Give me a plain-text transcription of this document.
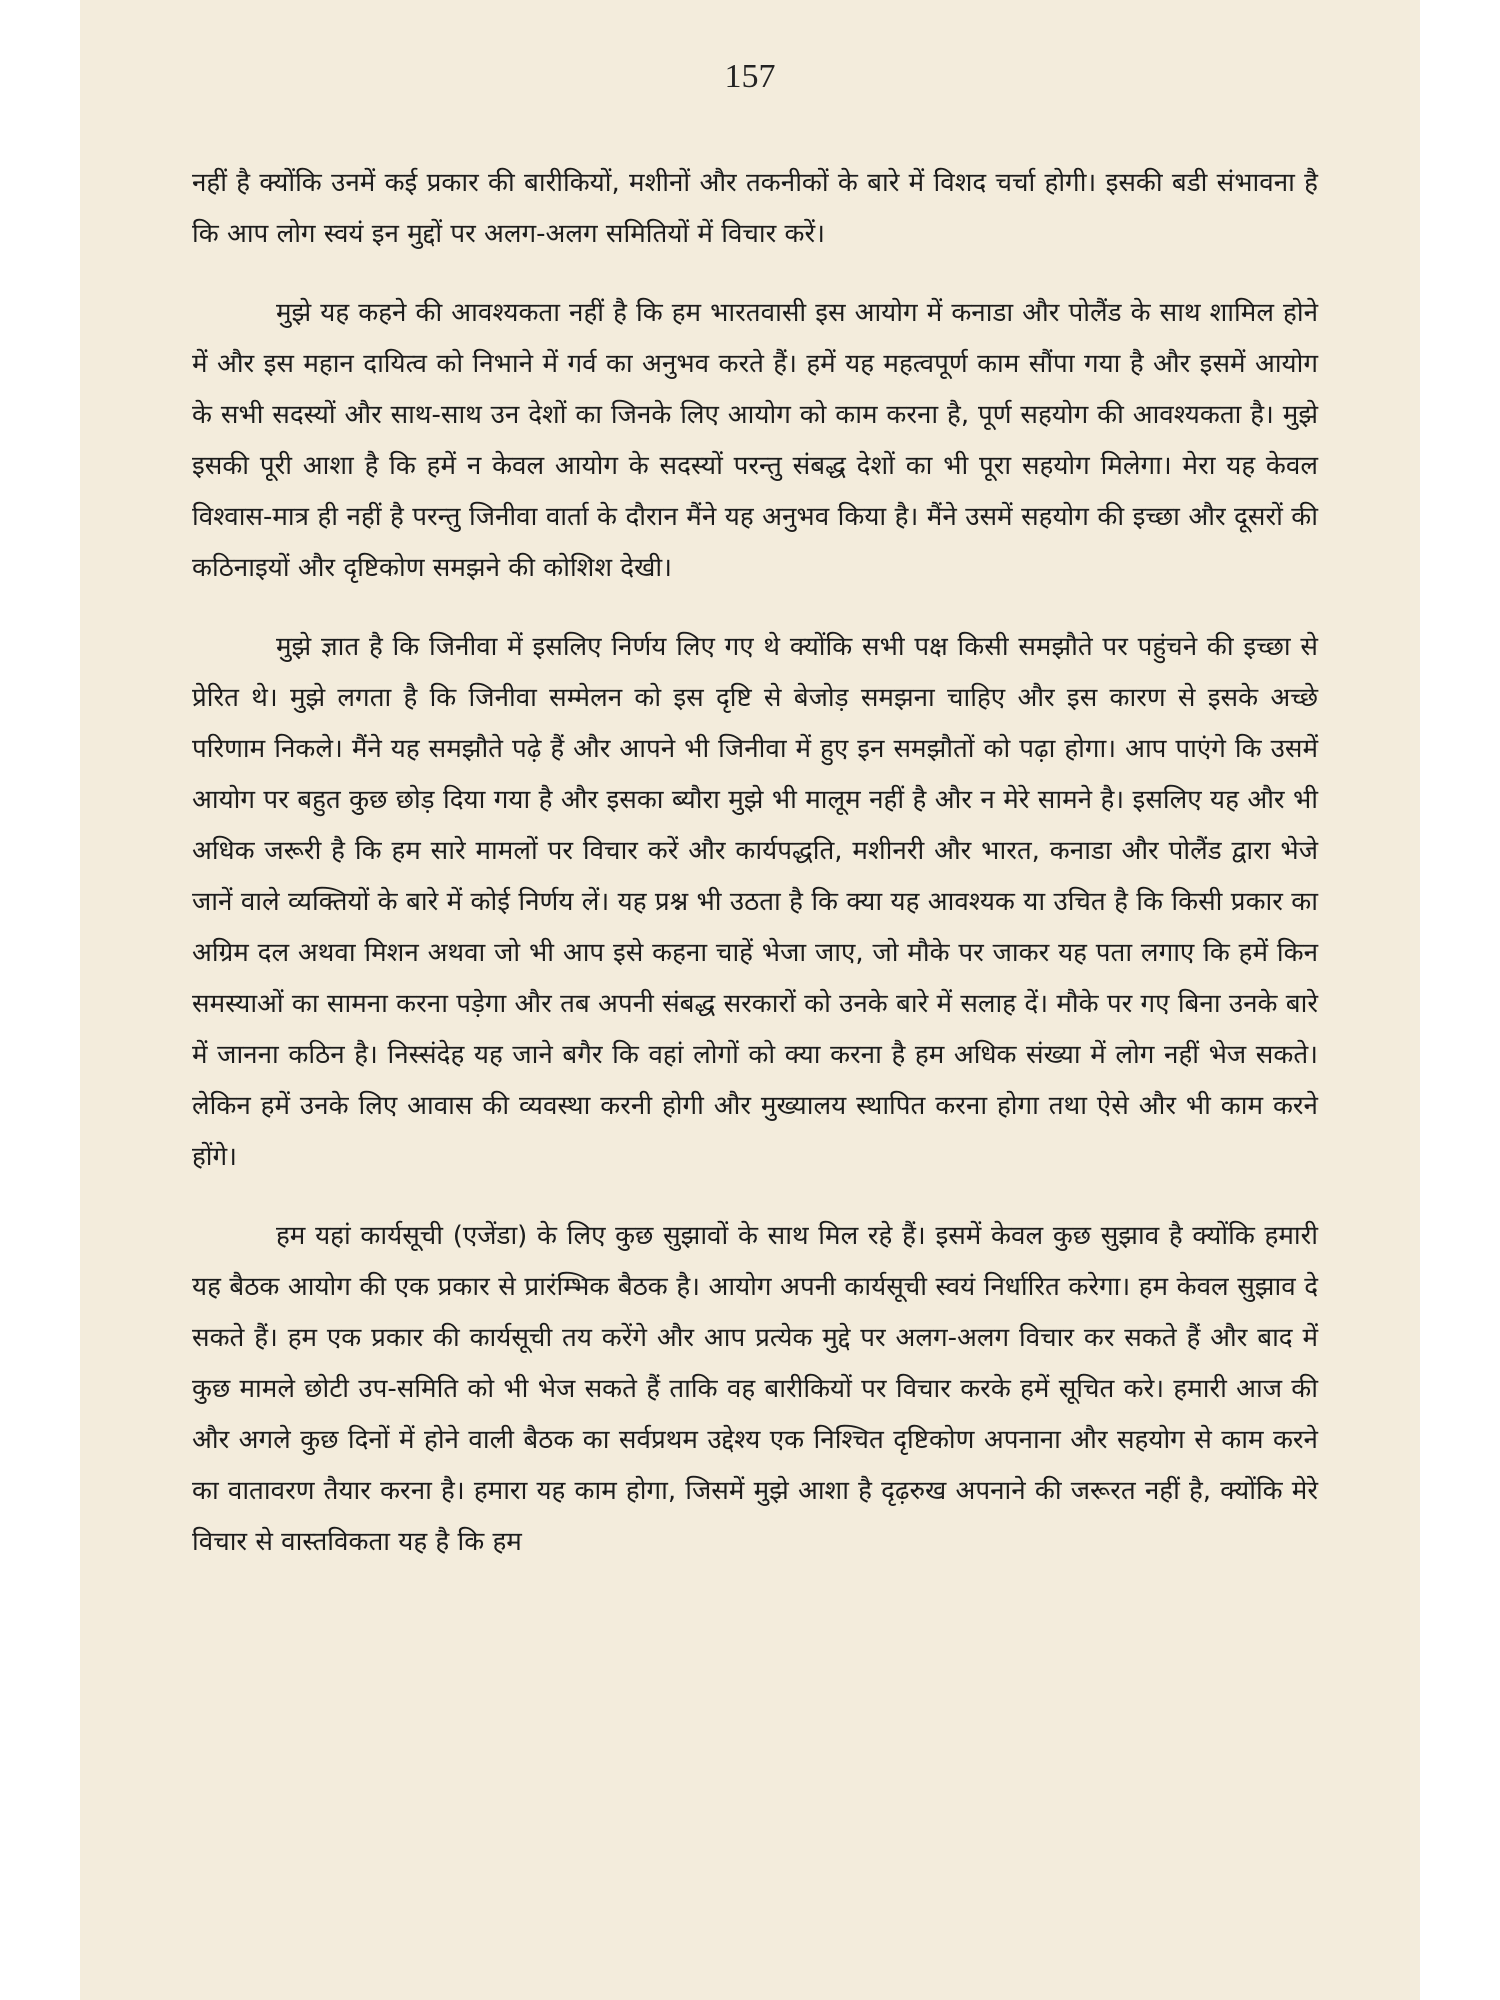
157

नहीं है क्योंकि उनमें कई प्रकार की बारीकियों, मशीनों और तकनीकों के बारे में विशद चर्चा होगी। इसकी बडी संभावना है कि आप लोग स्वयं इन मुद्दों पर अलग-अलग समितियों में विचार करें।

मुझे यह कहने की आवश्यकता नहीं है कि हम भारतवासी इस आयोग में कनाडा और पोलैंड के साथ शामिल होने में और इस महान दायित्व को निभाने में गर्व का अनुभव करते हैं। हमें यह महत्वपूर्ण काम सौंपा गया है और इसमें आयोग के सभी सदस्यों और साथ-साथ उन देशों का जिनके लिए आयोग को काम करना है, पूर्ण सहयोग की आवश्यकता है। मुझे इसकी पूरी आशा है कि हमें न केवल आयोग के सदस्यों परन्तु संबद्ध देशों का भी पूरा सहयोग मिलेगा। मेरा यह केवल विश्वास-मात्र ही नहीं है परन्तु जिनीवा वार्ता के दौरान मैंने यह अनुभव किया है। मैंने उसमें सहयोग की इच्छा और दूसरों की कठिनाइयों और दृष्टिकोण समझने की कोशिश देखी।

मुझे ज्ञात है कि जिनीवा में इसलिए निर्णय लिए गए थे क्योंकि सभी पक्ष किसी समझौते पर पहुंचने की इच्छा से प्रेरित थे। मुझे लगता है कि जिनीवा सम्मेलन को इस दृष्टि से बेजोड़ समझना चाहिए और इस कारण से इसके अच्छे परिणाम निकले। मैंने यह समझौते पढ़े हैं और आपने भी जिनीवा में हुए इन समझौतों को पढ़ा होगा। आप पाएंगे कि उसमें आयोग पर बहुत कुछ छोड़ दिया गया है और इसका ब्यौरा मुझे भी मालूम नहीं है और न मेरे सामने है। इसलिए यह और भी अधिक जरूरी है कि हम सारे मामलों पर विचार करें और कार्यपद्धति, मशीनरी और भारत, कनाडा और पोलैंड द्वारा भेजे जानें वाले व्यक्तियों के बारे में कोई निर्णय लें। यह प्रश्न भी उठता है कि क्या यह आवश्यक या उचित है कि किसी प्रकार का अग्रिम दल अथवा मिशन अथवा जो भी आप इसे कहना चाहें भेजा जाए, जो मौके पर जाकर यह पता लगाए कि हमें किन समस्याओं का सामना करना पड़ेगा और तब अपनी संबद्ध सरकारों को उनके बारे में सलाह दें। मौके पर गए बिना उनके बारे में जानना कठिन है। निस्संदेह यह जाने बगैर कि वहां लोगों को क्या करना है हम अधिक संख्या में लोग नहीं भेज सकते। लेकिन हमें उनके लिए आवास की व्यवस्था करनी होगी और मुख्यालय स्थापित करना होगा तथा ऐसे और भी काम करने होंगे।

हम यहां कार्यसूची (एजेंडा) के लिए कुछ सुझावों के साथ मिल रहे हैं। इसमें केवल कुछ सुझाव है क्योंकि हमारी यह बैठक आयोग की एक प्रकार से प्रारंम्भिक बैठक है। आयोग अपनी कार्यसूची स्वयं निर्धारित करेगा। हम केवल सुझाव दे सकते हैं। हम एक प्रकार की कार्यसूची तय करेंगे और आप प्रत्येक मुद्दे पर अलग-अलग विचार कर सकते हैं और बाद में कुछ मामले छोटी उप-समिति को भी भेज सकते हैं ताकि वह बारीकियों पर विचार करके हमें सूचित करे। हमारी आज की और अगले कुछ दिनों में होने वाली बैठक का सर्वप्रथम उद्देश्य एक निश्चित दृष्टिकोण अपनाना और सहयोग से काम करने का वातावरण तैयार करना है। हमारा यह काम होगा, जिसमें मुझे आशा है दृढ़रुख अपनाने की जरूरत नहीं है, क्योंकि मेरे विचार से वास्तविकता यह है कि हम
